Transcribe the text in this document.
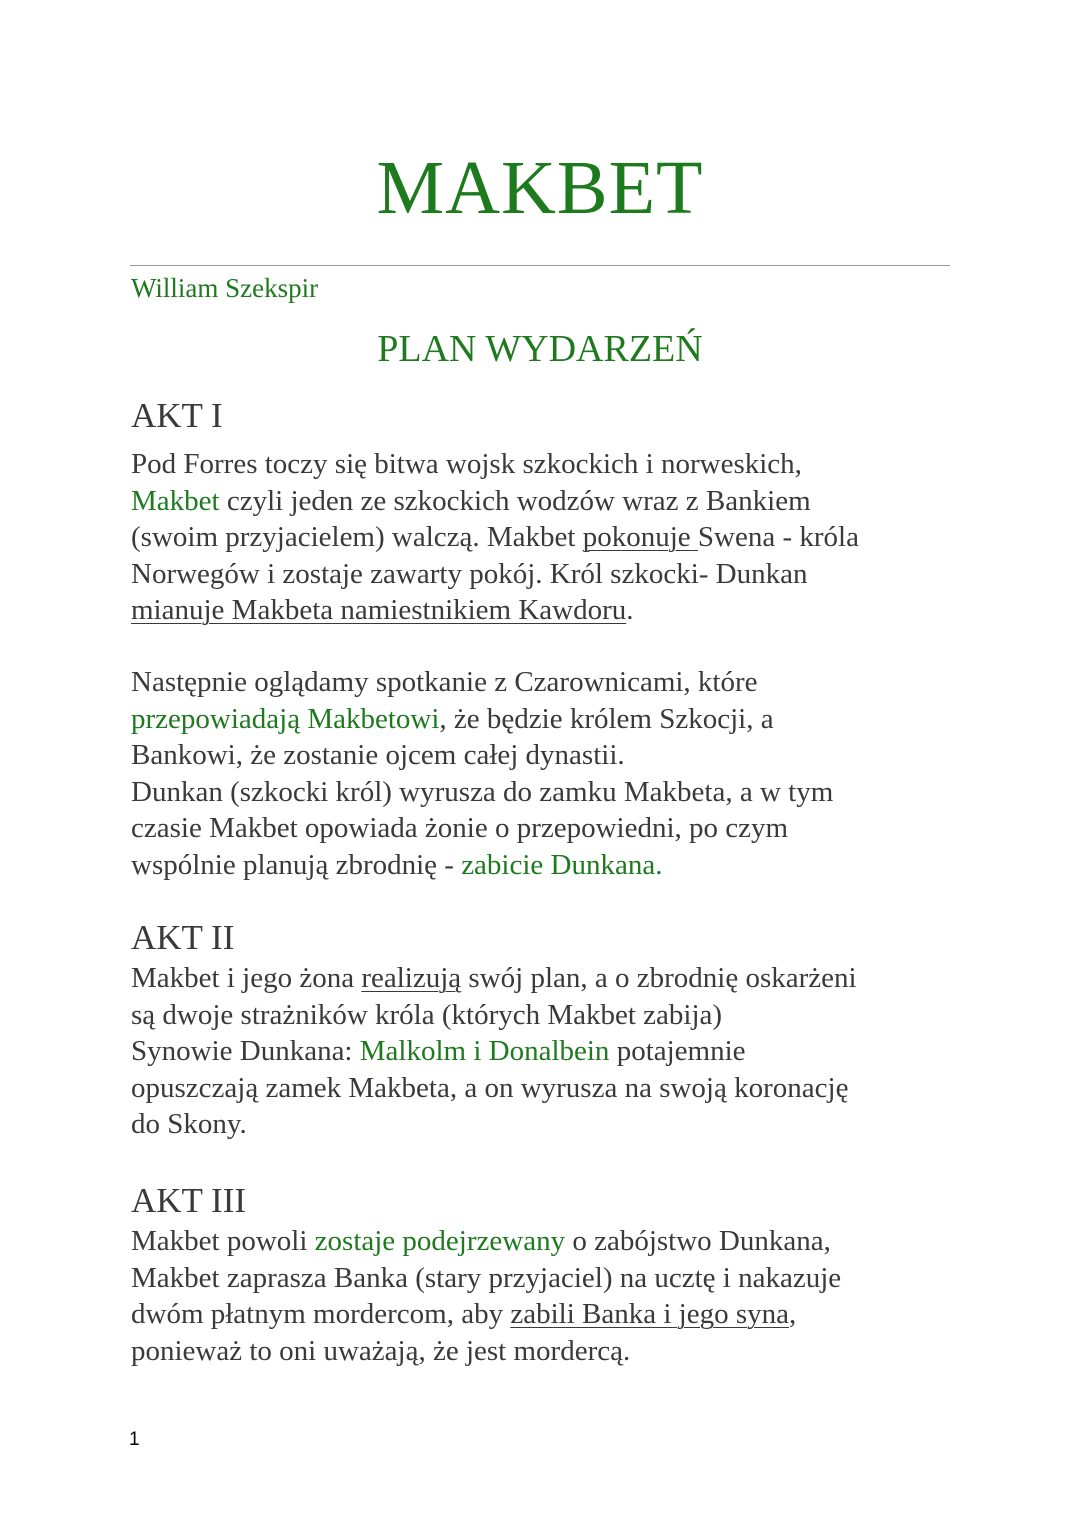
MAKBET
William Szekspir
PLAN WYDARZEŃ
AKT I

Pod Forres toczy się bitwa wojsk szkockich i norweskich,
Makbet czyli jeden ze szkockich wodzów wraz z Bankiem
(swoim przyjacielem) walczą. Makbet pokonuje Swena - króla
Norwegów i zostaje zawarty pokój. Król szkocki- Dunkan
mianuje Makbeta namiestnikiem Kawdoru.

Następnie oglądamy spotkanie z Czarownicami, które
przepowiadają Makbetowi, że będzie królem Szkocji, a
Bankowi, że zostanie ojcem całej dynastii.
Dunkan (szkocki król) wyrusza do zamku Makbeta, a w tym
czasie Makbet opowiada żonie o przepowiedni, po czym
wspólnie planują zbrodnię - zabicie Dunkana.

AKT II

Makbet i jego żona realizują swój plan, a o zbrodnię oskarżeni
są dwoje strażników króla (których Makbet zabija)
Synowie Dunkana: Malkolm i Donalbein potajemnie
opuszczają zamek Makbeta, a on wyrusza na swoją koronację
do Skony.

AKT III

Makbet powoli zostaje podejrzewany o zabójstwo Dunkana,
Makbet zaprasza Banka (stary przyjaciel) na ucztę i nakazuje
dwóm płatnym mordercom, aby zabili Banka i jego syna,
ponieważ to oni uważają, że jest mordercą.

1
